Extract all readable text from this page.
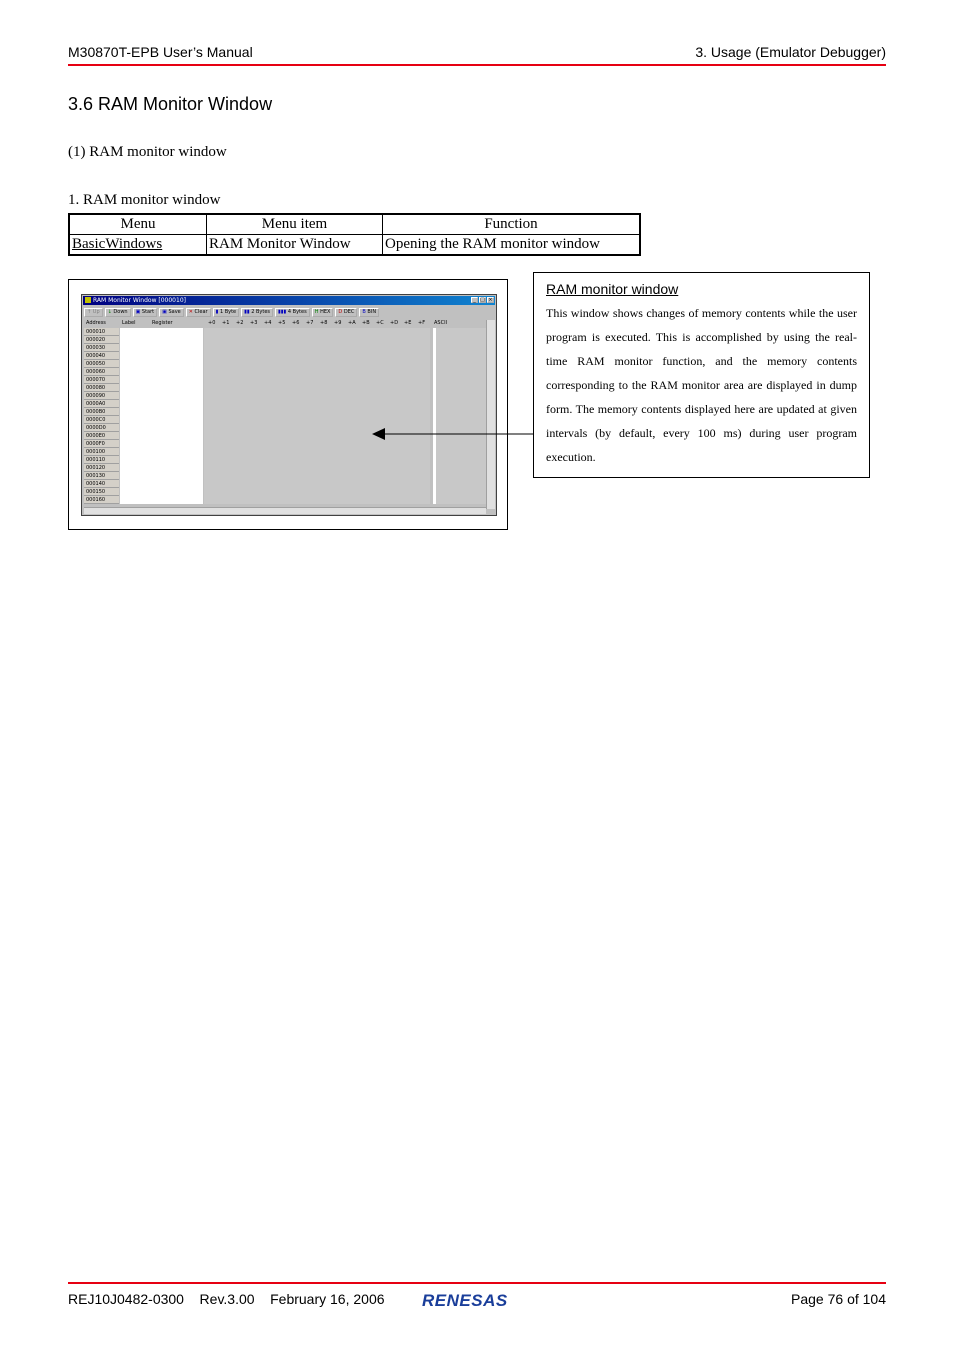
M30870T-EPB User’s Manual	3. Usage (Emulator Debugger)
3.6 RAM Monitor Window
(1) RAM monitor window
1. RAM monitor window
Menu	Menu item	Function
BasicWindows	RAM Monitor Window	Opening the RAM monitor window
RAM Monitor Window [000010]	_ □ ×
↑ Up	↓ Down	▣ Start	▣ Save	✕ Clear	▮ 1 Byte	▮▮ 2 Bytes	▮▮▮ 4 Bytes	H HEX	D DEC	B BIN
Address	Label	Register	+0 +1 +2 +3 +4 +5 +6 +7 +8 +9 +A +B +C +D +E +F ASCII
000010
000020
000030
000040
000050
000060
000070
000080
000090
0000A0
0000B0
0000C0
0000D0
0000E0
0000F0
000100
000110
000120
000130
000140
000150
000160
RAM monitor window
This window shows changes of memory contents while the user program is executed. This is accomplished by using the real-time RAM monitor function, and the memory contents corresponding to the RAM monitor area are displayed in dump form. The memory contents displayed here are updated at given intervals (by default, every 100 ms) during user program execution.
REJ10J0482-0300 Rev.3.00 February 16, 2006 RENESAS	Page 76 of 104
